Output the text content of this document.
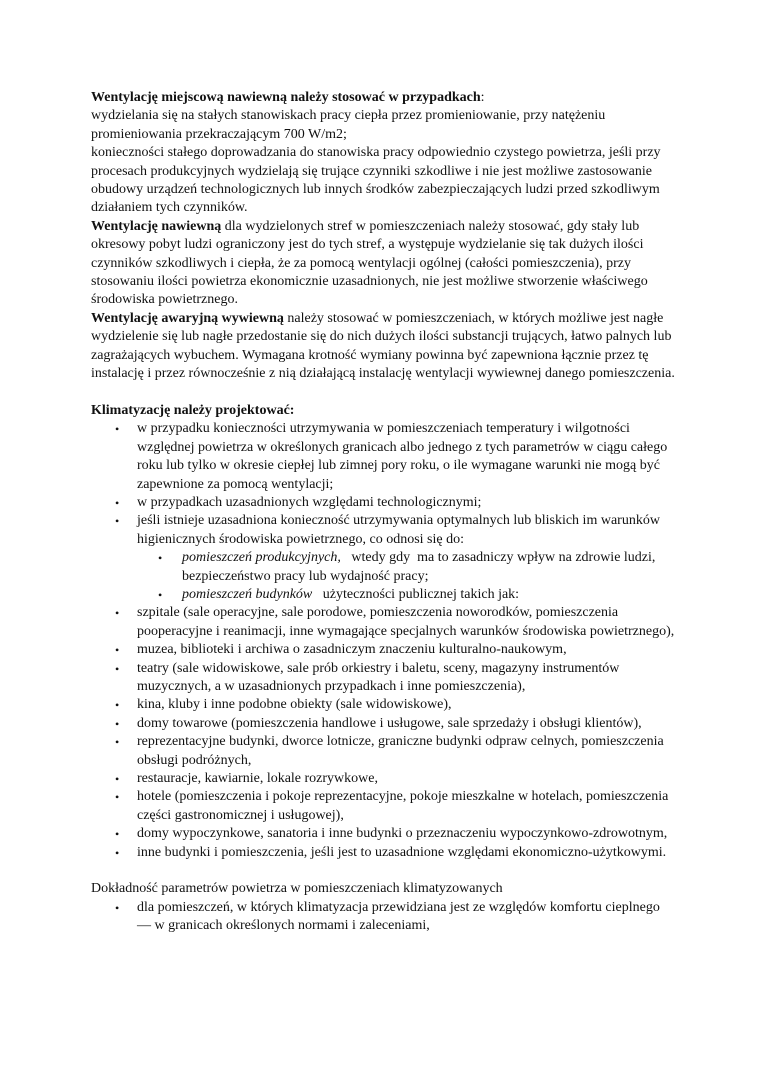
Wentylację miejscową nawiewną należy stosować w przypadkach:

wydzielania się na stałych stanowiskach pracy ciepła przez promieniowanie, przy natężeniu promieniowania przekraczającym 700 W/m2;

konieczności stałego doprowadzania do stanowiska pracy odpowiednio czystego powietrza, jeśli przy procesach produkcyjnych wydzielają się trujące czynniki szkodliwe i nie jest możliwe zastosowanie obudowy urządzeń technologicznych lub innych środków zabezpieczających ludzi przed szkodliwym działaniem tych czynników.

Wentylację nawiewną dla wydzielonych stref w pomieszczeniach należy stosować, gdy stały lub okresowy pobyt ludzi ograniczony jest do tych stref, a występuje wydzielanie się tak dużych ilości czynników szkodliwych i ciepła, że za pomocą wentylacji ogólnej (całości pomieszczenia), przy stosowaniu ilości powietrza ekonomicznie uzasadnionych, nie jest możliwe stworzenie właściwego środowiska powietrznego.

Wentylację awaryjną wywiewną należy stosować w pomieszczeniach, w których możliwe jest nagłe wydzielenie się lub nagłe przedostanie się do nich dużych ilości substancji trujących, łatwo palnych lub zagrażających wybuchem. Wymagana krotność wymiany powinna być zapewniona łącznie przez tę instalację i przez równocześnie z nią działającą instalację wentylacji wywiewnej danego pomieszczenia.

Klimatyzację należy projektować:

• w przypadku konieczności utrzymywania w pomieszczeniach temperatury i wilgotności względnej powietrza w określonych granicach albo jednego z tych parametrów w ciągu całego roku lub tylko w okresie ciepłej lub zimnej pory roku, o ile wymagane warunki nie mogą być zapewnione za pomocą wentylacji;
• w przypadkach uzasadnionych względami technologicznymi;
• jeśli istnieje uzasadniona konieczność utrzymywania optymalnych lub bliskich im warunków higienicznych środowiska powietrznego, co odnosi się do:
• pomieszczeń produkcyjnych,   wtedy gdy  ma to zasadniczy wpływ na zdrowie ludzi, bezpieczeństwo pracy lub wydajność pracy;
• pomieszczeń budynków   użyteczności publicznej takich jak:
• szpitale (sale operacyjne, sale porodowe, pomieszczenia noworodków, pomieszczenia pooperacyjne i reanimacji, inne wymagające specjalnych warunków środowiska powietrznego),
• muzea, biblioteki i archiwa o zasadniczym znaczeniu kulturalno-naukowym,
• teatry (sale widowiskowe, sale prób orkiestry i baletu, sceny, magazyny instrumentów muzycznych, a w uzasadnionych przypadkach i inne pomieszczenia),
• kina, kluby i inne podobne obiekty (sale widowiskowe),
• domy towarowe (pomieszczenia handlowe i usługowe, sale sprzedaży i obsługi klientów),
• reprezentacyjne budynki, dworce lotnicze, graniczne budynki odpraw celnych, pomieszczenia obsługi podróżnych,
• restauracje, kawiarnie, lokale rozrywkowe,
• hotele (pomieszczenia i pokoje reprezentacyjne, pokoje mieszkalne w hotelach, pomieszczenia części gastronomicznej i usługowej),
• domy wypoczynkowe, sanatoria i inne budynki o przeznaczeniu wypoczynkowo-zdrowotnym,
• inne budynki i pomieszczenia, jeśli jest to uzasadnione względami ekonomiczno-użytkowymi.

Dokładność parametrów powietrza w pomieszczeniach klimatyzowanych

• dla pomieszczeń, w których klimatyzacja przewidziana jest ze względów komfortu cieplnego — w granicach określonych normami i zaleceniami,
